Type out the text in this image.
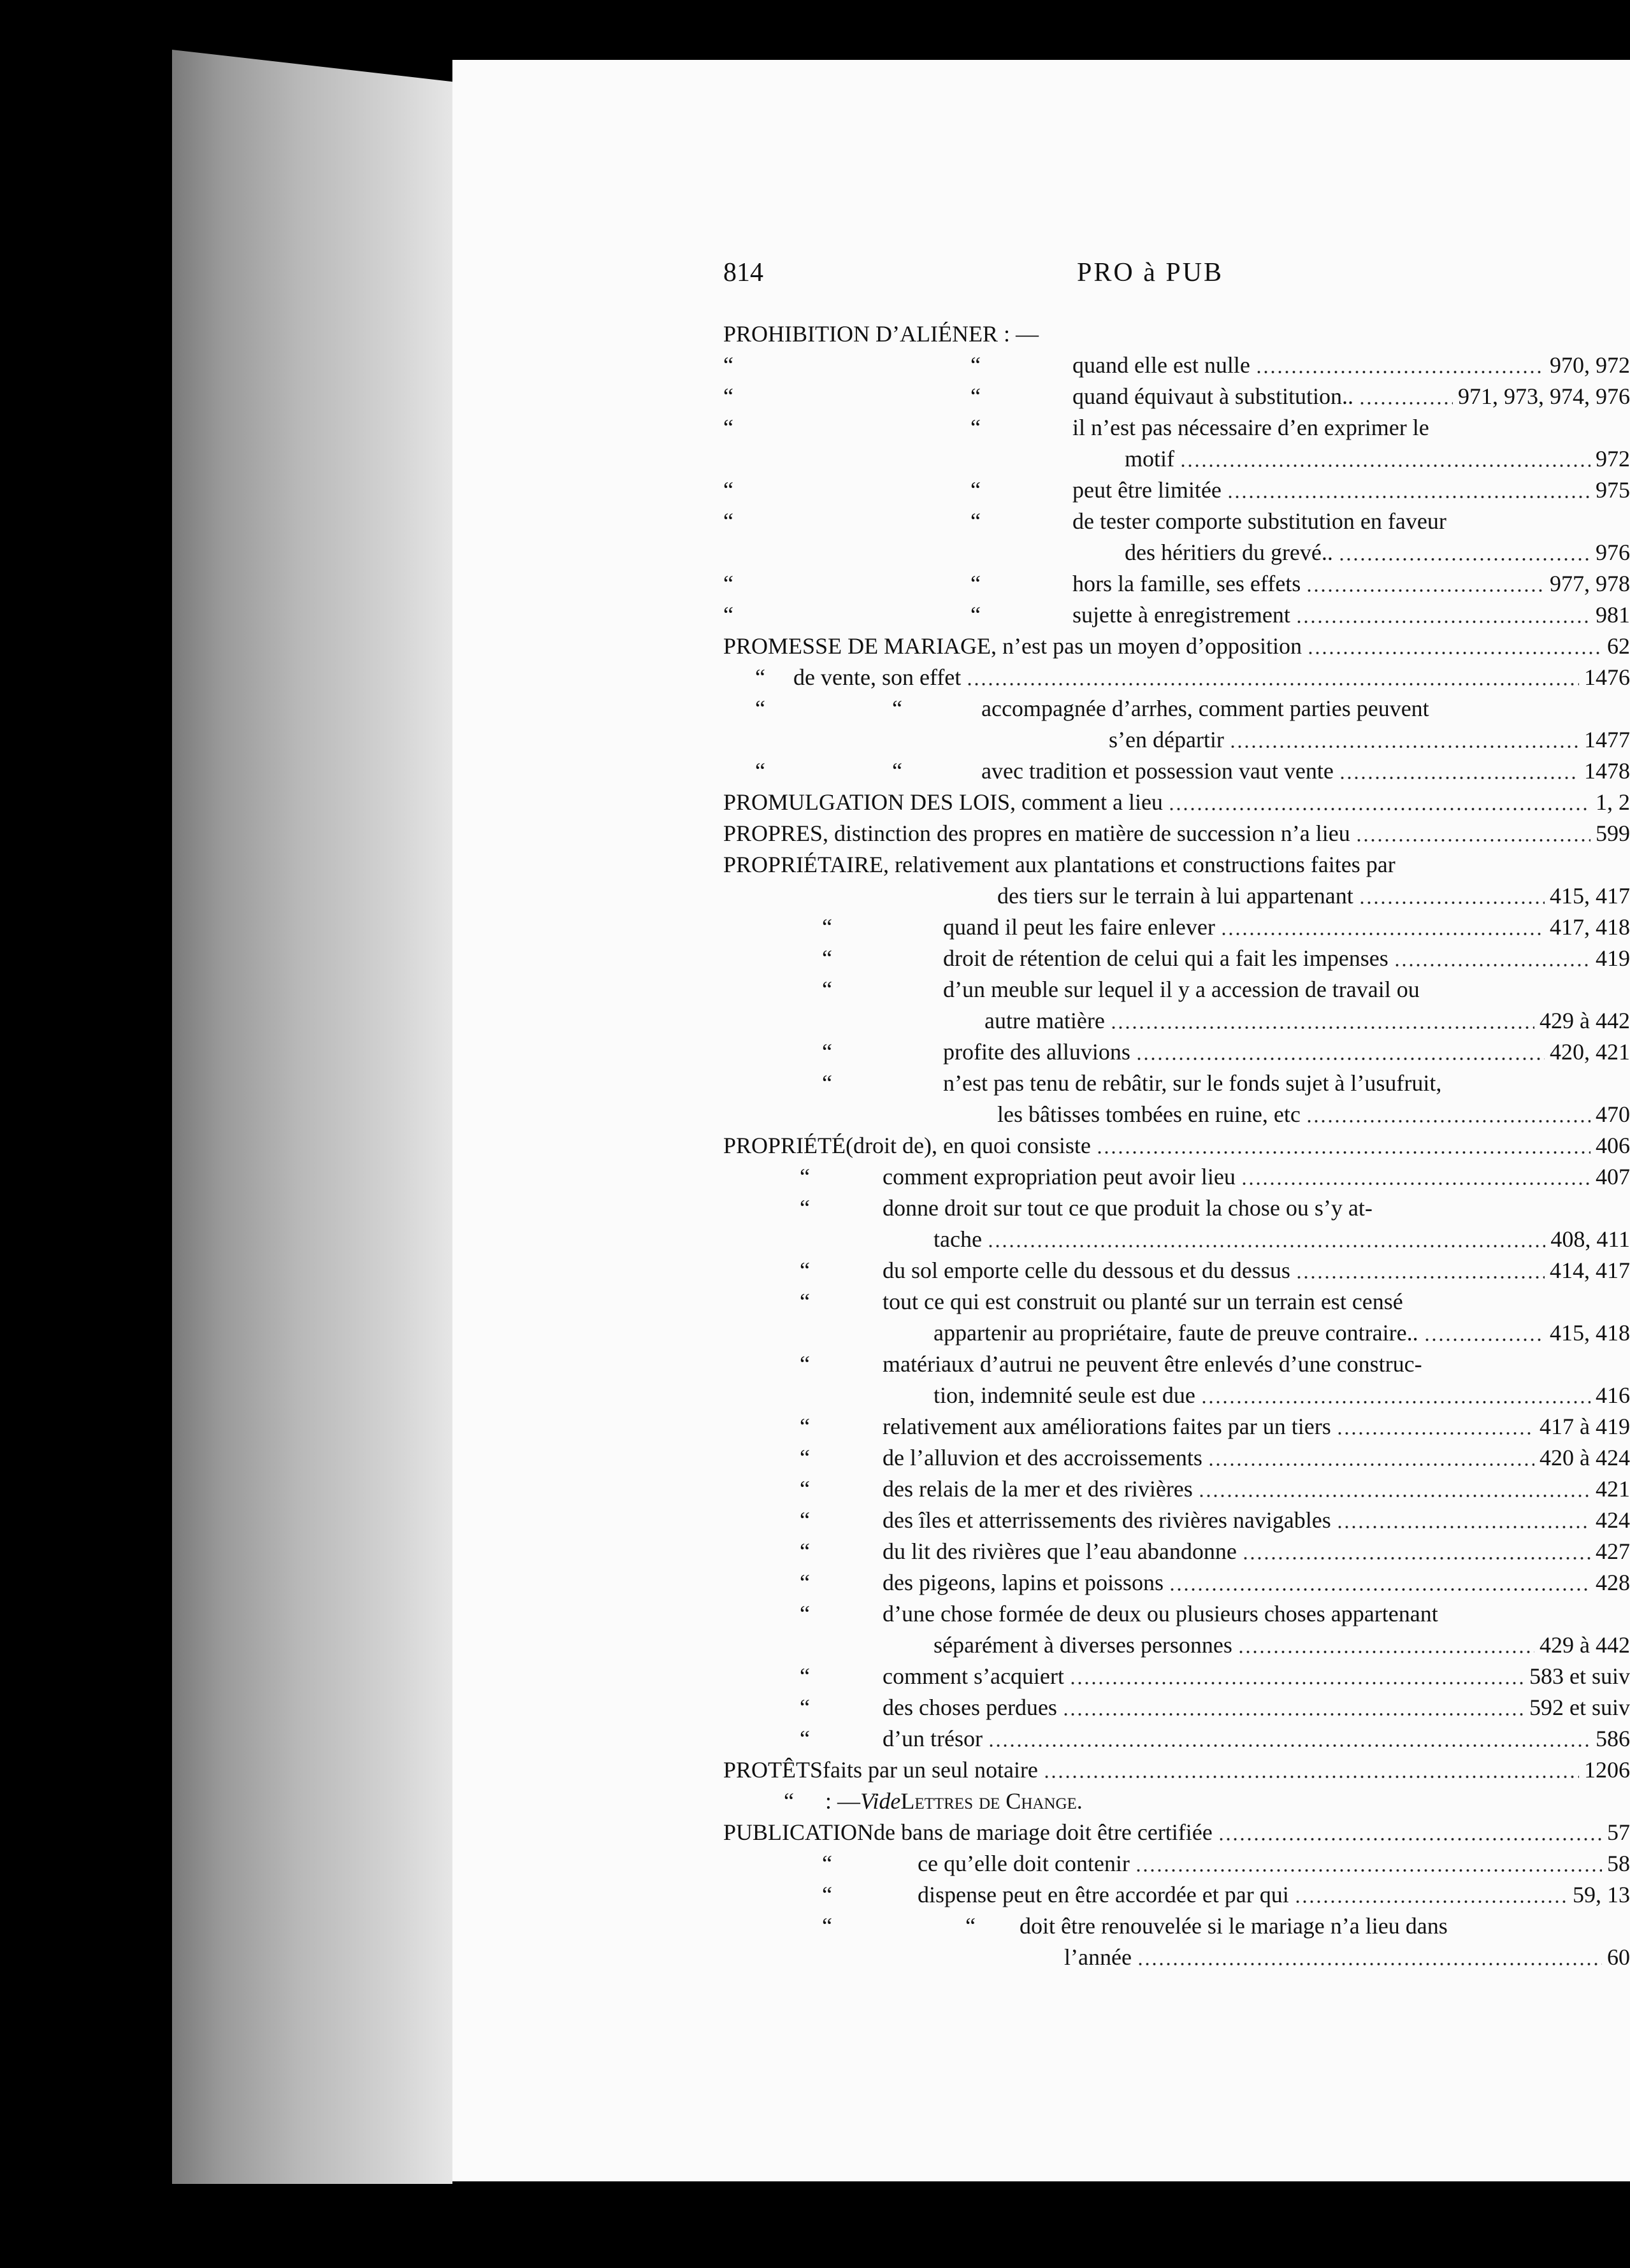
814	PRO à PUB
PROHIBITION D’ALIÉNER : —
“	“	quand elle est nulle	970, 972
“	“	quand équivaut à substitution..	971, 973, 974, 976
“	“	il n’est pas nécessaire d’en exprimer le
motif	972
“	“	peut être limitée	975
“	“	de tester comporte substitution en faveur
des héritiers du grevé..	976
“	“	hors la famille, ses effets	977, 978
“	“	sujette à enregistrement	981
PROMESSE DE MARIAGE , n’est pas un moyen d’opposition	62
“ de vente, son effet	1476
“	“	accompagnée d’arrhes, comment parties peuvent
s’en départir	1477
“	“	avec tradition et possession vaut vente	1478
PROMULGATION DES LOIS , comment a lieu	1, 2
PROPRES , distinction des propres en matière de succession n’a lieu	599
PROPRIÉTAIRE , relativement aux plantations et constructions faites par
des tiers sur le terrain à lui appartenant	415, 417
“	quand il peut les faire enlever	417, 418
“	droit de rétention de celui qui a fait les impenses	419
“	d’un meuble sur lequel il y a accession de travail ou
autre matière	429 à 442
“	profite des alluvions	420, 421
“	n’est pas tenu de rebâtir, sur le fonds sujet à l’usufruit,
les bâtisses tombées en ruine, etc	470
PROPRIÉTÉ (droit de), en quoi consiste	406
“	comment expropriation peut avoir lieu	407
“	donne droit sur tout ce que produit la chose ou s’y at-
tache	408, 411
“	du sol emporte celle du dessous et du dessus	414, 417
“	tout ce qui est construit ou planté sur un terrain est censé
appartenir au propriétaire, faute de preuve contraire..	415, 418
“	matériaux d’autrui ne peuvent être enlevés d’une construc-
tion, indemnité seule est due	416
“	relativement aux améliorations faites par un tiers	417 à 419
“	de l’alluvion et des accroissements	420 à 424
“	des relais de la mer et des rivières	421
“	des îles et atterrissements des rivières navigables	424
“	du lit des rivières que l’eau abandonne	427
“	des pigeons, lapins et poissons	428
“	d’une chose formée de deux ou plusieurs choses appartenant
séparément à diverses personnes	429 à 442
“	comment s’acquiert	583 et suiv
“	des choses perdues	592 et suiv
“	d’un trésor	586
PROTÊTS faits par un seul notaire	1206
“ : — Vide Lettres de Change.
PUBLICATION de bans de mariage doit être certifiée	57
“	ce qu’elle doit contenir	58
“	dispense peut en être accordée et par qui	59, 13
“	“ doit être renouvelée si le mariage n’a lieu dans
l’année	60
